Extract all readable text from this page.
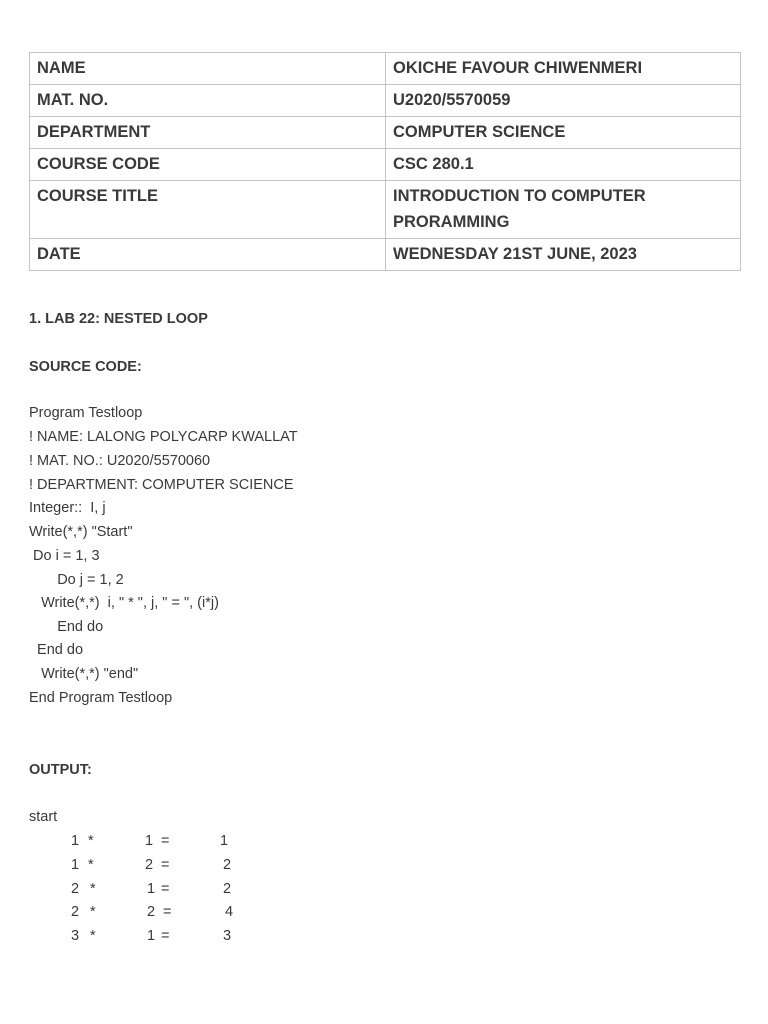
NAME	OKICHE FAVOUR CHIWENMERI
MAT. NO.	U2020/5570059
DEPARTMENT	COMPUTER SCIENCE
COURSE CODE	CSC 280.1
COURSE TITLE	INTRODUCTION TO COMPUTER PRORAMMING
DATE	WEDNESDAY 21ST JUNE, 2023
1. LAB 22: NESTED LOOP
SOURCE CODE:
Program Testloop
! NAME: LALONG POLYCARP KWALLAT
! MAT. NO.: U2020/5570060
! DEPARTMENT: COMPUTER SCIENCE
Integer::  I, j
Write(*,*) "Start"
Do i = 1, 3
Do j = 1, 2
Write(*,*)  i, " * ", j, " = ", (i*j)
End do
End do
Write(*,*) "end"
End Program Testloop
OUTPUT:
start
1 *	1 =	1
1 *	2 =	2
2 *	1 =	2
2 *	2 =	4
3 *	1 =	3
